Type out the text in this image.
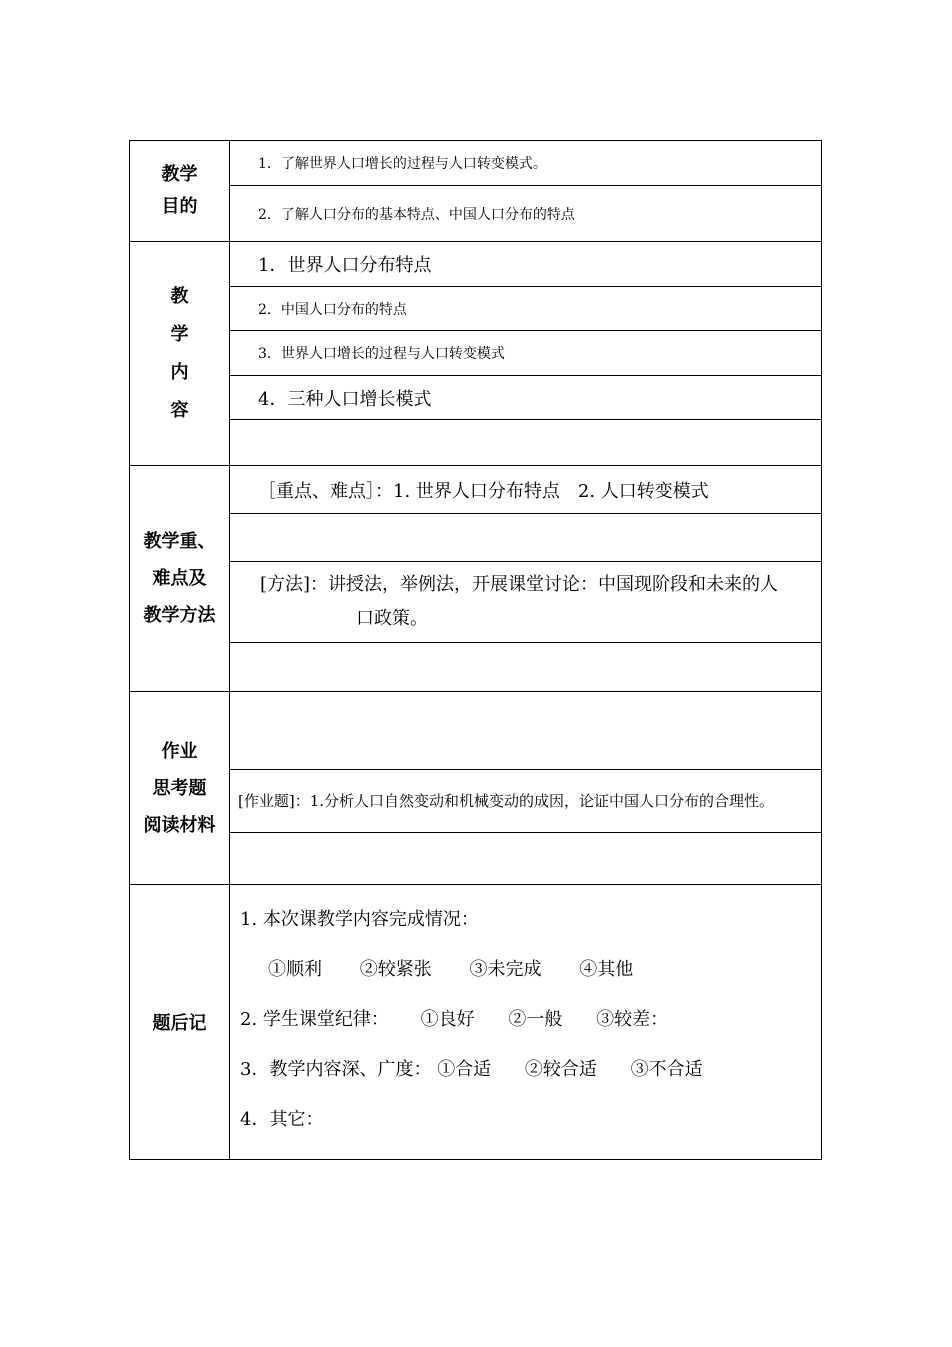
教学
目的	1．了解世界人口增长的过程与人口转变模式。
	2．了解人口分布的基本特点、中国人口分布的特点

教
学
内
容	1．世界人口分布特点
	2．中国人口分布的特点
	3．世界人口增长的过程与人口转变模式
	4．三种人口增长模式

教学重、
难点及
教学方法	［重点、难点］：1. 世界人口分布特点　2. 人口转变模式

	[方法]：讲授法，举例法，开展课堂讨论：中国现阶段和未来的人
口政策。

作业
思考题
阅读材料	

	[作业题]：1.分析人口自然变动和机械变动的成因，论证中国人口分布的合理性。

题后记	1. 本次课教学内容完成情况：
①顺利 ②较紧张 ③未完成 ④其他
2. 学生课堂纪律： ①良好 ②一般 ③较差：
3．教学内容深、广度： ①合适 ②较合适 ③不合适
4．其它：
